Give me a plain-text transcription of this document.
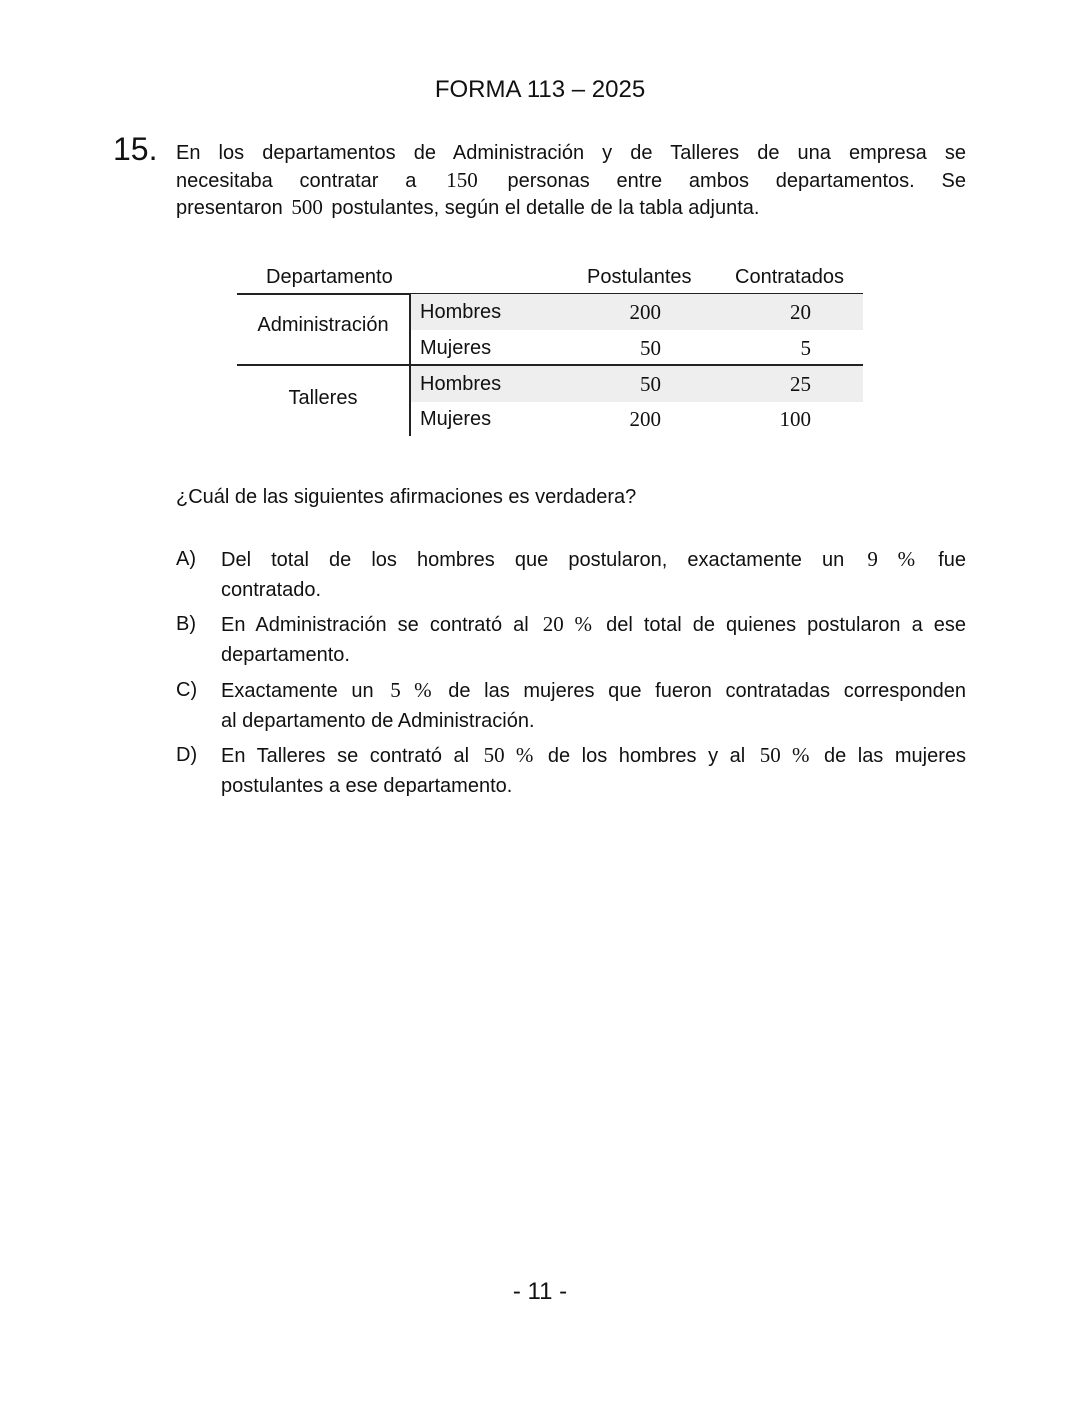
FORMA 113 – 2025
15. En los departamentos de Administración y de Talleres de una empresa se
necesitaba contratar a 150 personas entre ambos departamentos. Se
presentaron 500 postulantes, según el detalle de la tabla adjunta.
Departamento	Postulantes Contratados
Administración
Hombres	200	20
Mujeres	50	5
Talleres
Hombres	50	25
Mujeres	200	100
¿Cuál de las siguientes afirmaciones es verdadera?
A) Del total de los hombres que postularon, exactamente un 9 % fue
contratado.
B) En Administración se contrató al 20 % del total de quienes postularon a ese
departamento.
C) Exactamente un 5 % de las mujeres que fueron contratadas corresponden
al departamento de Administración.
D) En Talleres se contrató al 50 % de los hombres y al 50 % de las mujeres
postulantes a ese departamento.
- 11 -
